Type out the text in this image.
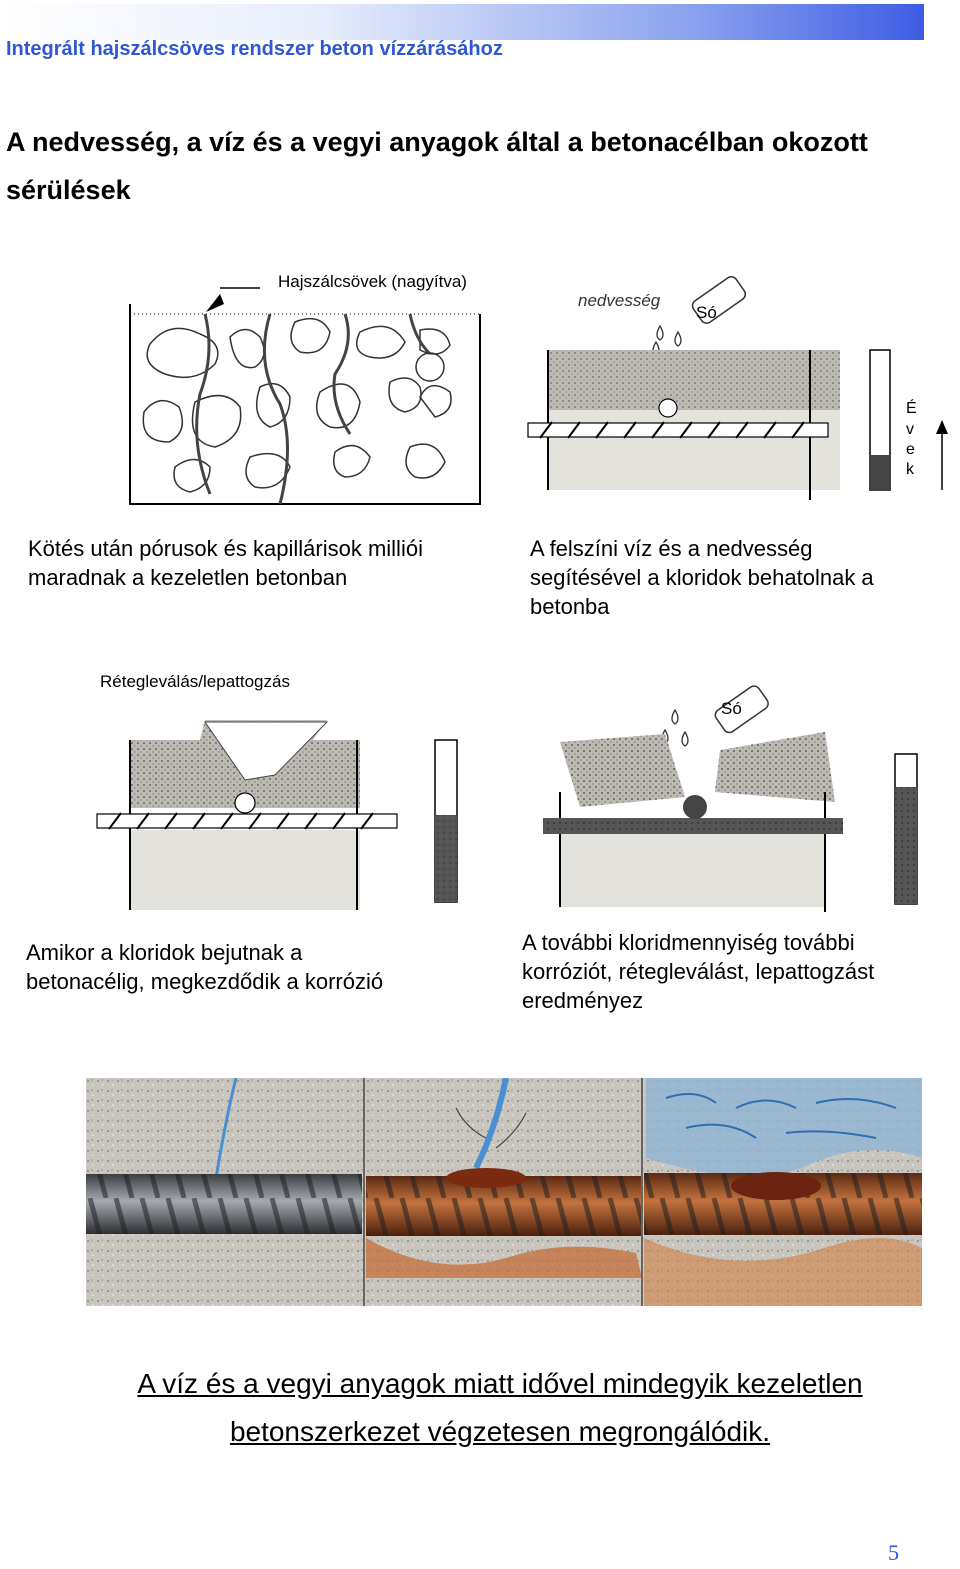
Integrált hajszálcsöves rendszer beton vízzárásához
A nedvesség, a víz és a vegyi anyagok által a betonacélban okozott
sérülések
Hajszálcsövek (nagyítva)
nedvesség
Só
É
v
e
k
Kötés után pórusok és kapillárisok milliói
maradnak a kezeletlen betonban
A felszíni víz és a nedvesség
segítésével a kloridok behatolnak a
betonba
Rétegleválás/lepattogzás
Só
Amikor a kloridok bejutnak a
betonacélig, megkezdődik a korrózió
A további kloridmennyiség további
korróziót, rétegleválást, lepattogzást
eredményez
A víz és a vegyi anyagok miatt idővel mindegyik kezeletlen
betonszerkezet végzetesen megrongálódik.
5
